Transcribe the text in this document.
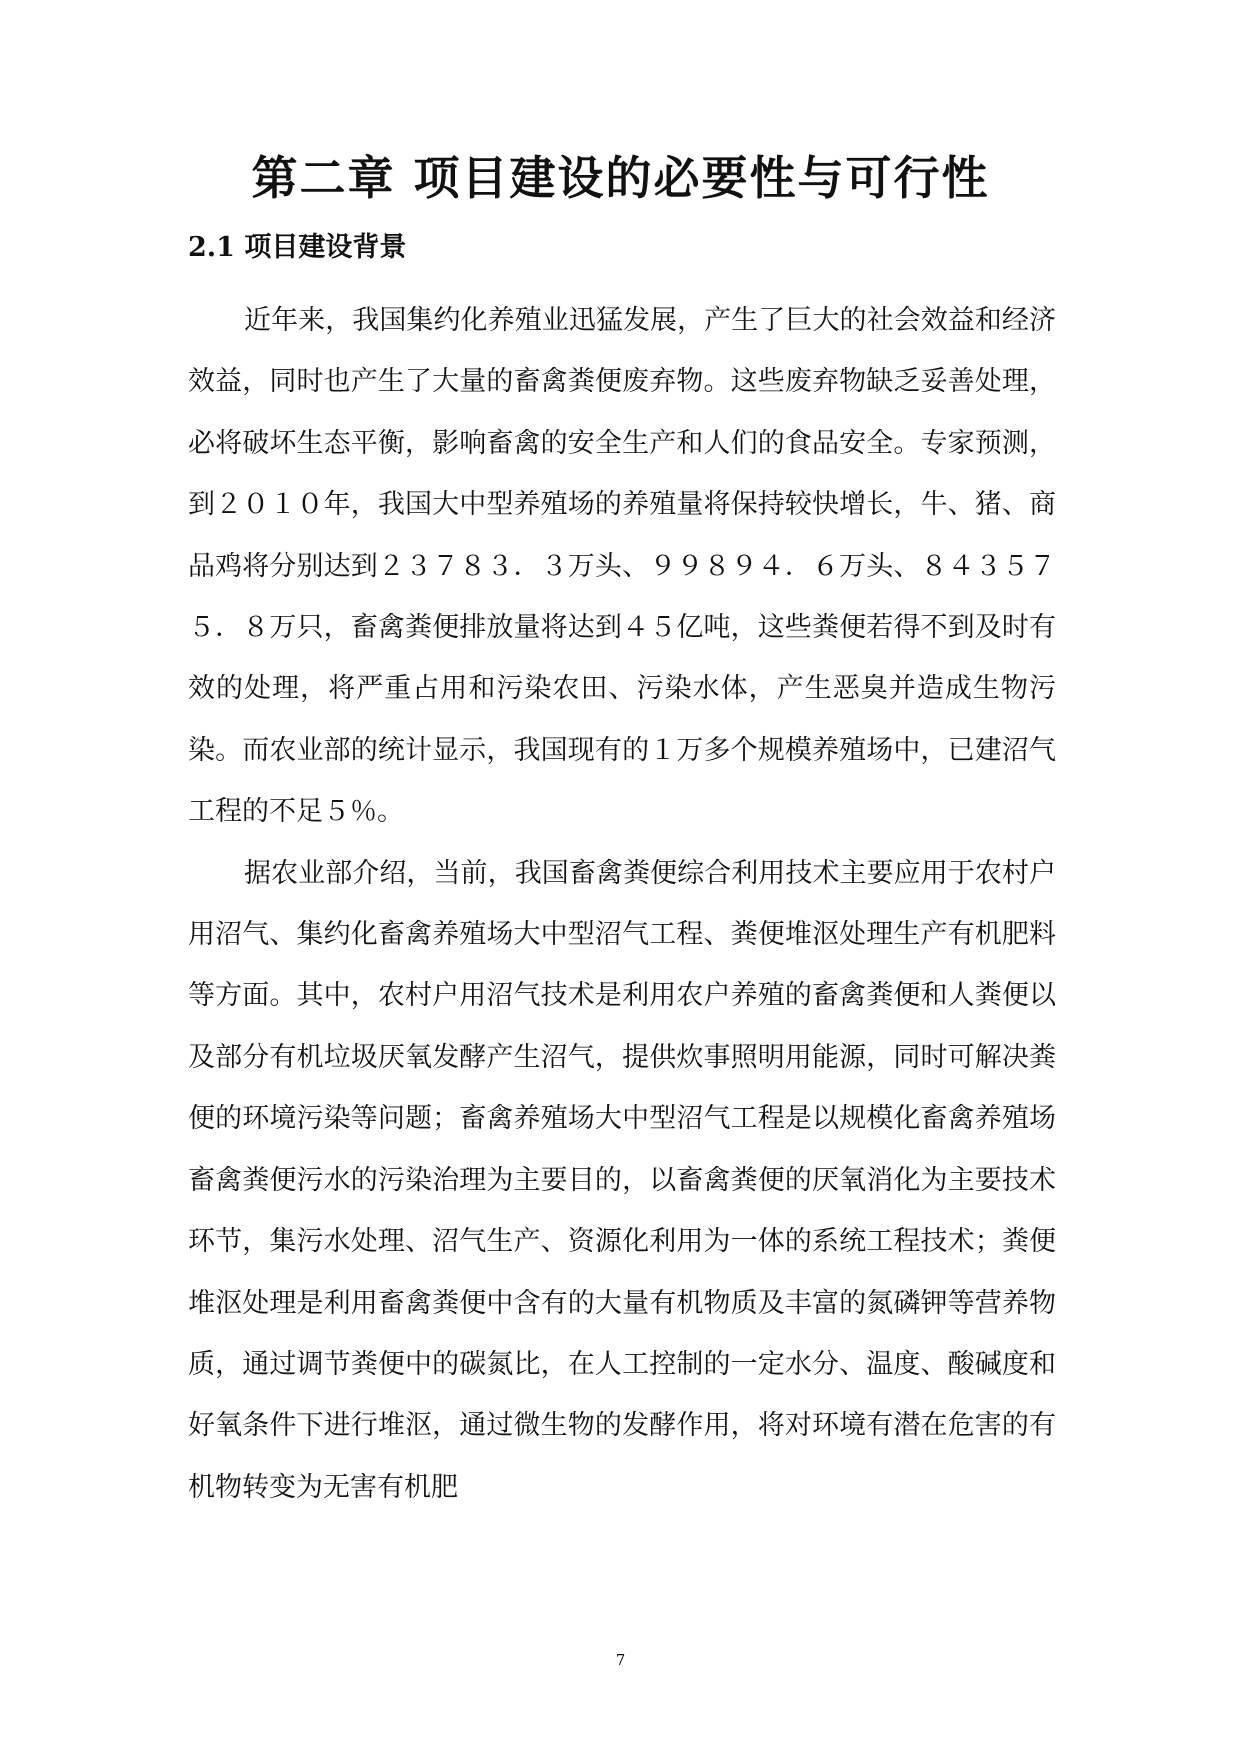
第二章 项目建设的必要性与可行性
2.1 项目建设背景

近年来，我国集约化养殖业迅猛发展，产生了巨大的社会效益和经济效益，同时也产生了大量的畜禽粪便废弃物。这些废弃物缺乏妥善处理，必将破坏生态平衡，影响畜禽的安全生产和人们的食品安全。专家预测，到２０１０年，我国大中型养殖场的养殖量将保持较快增长，牛、猪、商品鸡将分别达到２３７８３．３万头、９９８９４．６万头、８４３５７５．８万只，畜禽粪便排放量将达到４５亿吨，这些粪便若得不到及时有效的处理，将严重占用和污染农田、污染水体，产生恶臭并造成生物污染。而农业部的统计显示，我国现有的１万多个规模养殖场中，已建沼气工程的不足５％。

据农业部介绍，当前，我国畜禽粪便综合利用技术主要应用于农村户用沼气、集约化畜禽养殖场大中型沼气工程、粪便堆沤处理生产有机肥料等方面。其中，农村户用沼气技术是利用农户养殖的畜禽粪便和人粪便以及部分有机垃圾厌氧发酵产生沼气，提供炊事照明用能源，同时可解决粪便的环境污染等问题；畜禽养殖场大中型沼气工程是以规模化畜禽养殖场畜禽粪便污水的污染治理为主要目的，以畜禽粪便的厌氧消化为主要技术环节，集污水处理、沼气生产、资源化利用为一体的系统工程技术；粪便堆沤处理是利用畜禽粪便中含有的大量有机物质及丰富的氮磷钾等营养物质，通过调节粪便中的碳氮比，在人工控制的一定水分、温度、酸碱度和好氧条件下进行堆沤，通过微生物的发酵作用，将对环境有潜在危害的有机物转变为无害有机肥

7
